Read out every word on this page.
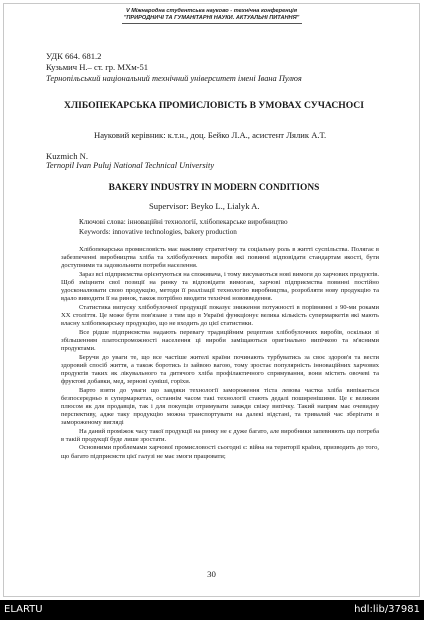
V Міжнародна студентська науково - технічна конференція
"ПРИРОДНИЧІ ТА ГУМАНІТАРНІ НАУКИ. АКТУАЛЬНІ ПИТАННЯ"
УДК 664. 681.2
Кузьмич Н.– ст. гр. МХм-51
Тернопільський національний технічний університет імені Івана Пулюя
ХЛІБОПЕКАРСЬКА ПРОМИСЛОВІСТЬ В УМОВАХ СУЧАСНОСІ
Науковий керівник: к.т.н., доц. Бейко Л.А., асистент Лялик А.Т.
Kuzmich N.
Ternopil Ivan Puluj National Technical University
BAKERY INDUSTRY IN MODERN CONDITIONS
Supervisor: Beyko L., Lialyk A.
Ключові слова: інноваційні технології, хлібопекарське виробництво
Keywords: innovative technologies, bakery production

Хлібопекарська промисловість має важливу стратегічну та соціальну роль в житті суспільства. Полягає в забезпеченні виробництва хліба та хлібобулочних виробів які повинні відповідати стандартам якості, бути доступними та задовольняти потреби населення.

Зараз всі підприємства орієнтуються на споживача, і тому висуваються нові вимоги до харчових продуктів. Щоб зміцнити свої позиції на ринку та відповідати вимогам, харчові підприємства повинні постійно удосконалювати свою продукцію, методи її реалізації технологію виробництва, розробляти нову продукцію та вдало виводити її на ринок, також потрібно вводити технічні нововведення.

Статистика випуску хлібобулочної продукції показує зниження потужності в порівнянні з 90-ми роками XX століття. Це може бути пов'язане з тим що в Україні функціонує велика кількість супермаркетів які мають власну хлібопекарську продукцію, що не входить до цієї статистики.

Все рідше підприємства надають перевагу традиційним рецептам хлібобулочних виробів, оскільки зі збільшенням платоспроможності населення ці вироби заміщаються оригінально випічкою та м'ясними продуктами.

Беручи до уваги те, що все частіше жителі країни починають турбуватись за своє здоров'я та вести здоровий спосіб життя, а також боротись із зайвою вагою, тому зростає популярність інноваційних харчових продуктів таких як лікувального та дитячого хліба профілактичного спрямування, вони містять овочеві та фруктові добавки, мед, зернові суміші, горіхи.

Варто взяти до уваги що завдяки технології замороження тіста левова частка хліба випікається безпосередньо в супермаркетах, останнім часом такі технології стають дедалі поширенішими. Це є великим плюсом як для продавців, так і для покупців отримувати завжди свіжу випічку. Такий напрям має очевидну перспективу, адже таку продукцію можна транспортувати на далекі відстані, та тривалий час зберігати в замороженому вигляді

На даний проміжок часу такої продукції на ринку не є дуже багато, але виробники запевняють що потреба в такій продукції буде лише зростати.

Основними проблемами харчової промисловості сьогодні є: війна на території країни, призводить до того, що багато підприємств цієї галузі не має змоги працювати;

30
ELARTU	hdl:lib/37981
